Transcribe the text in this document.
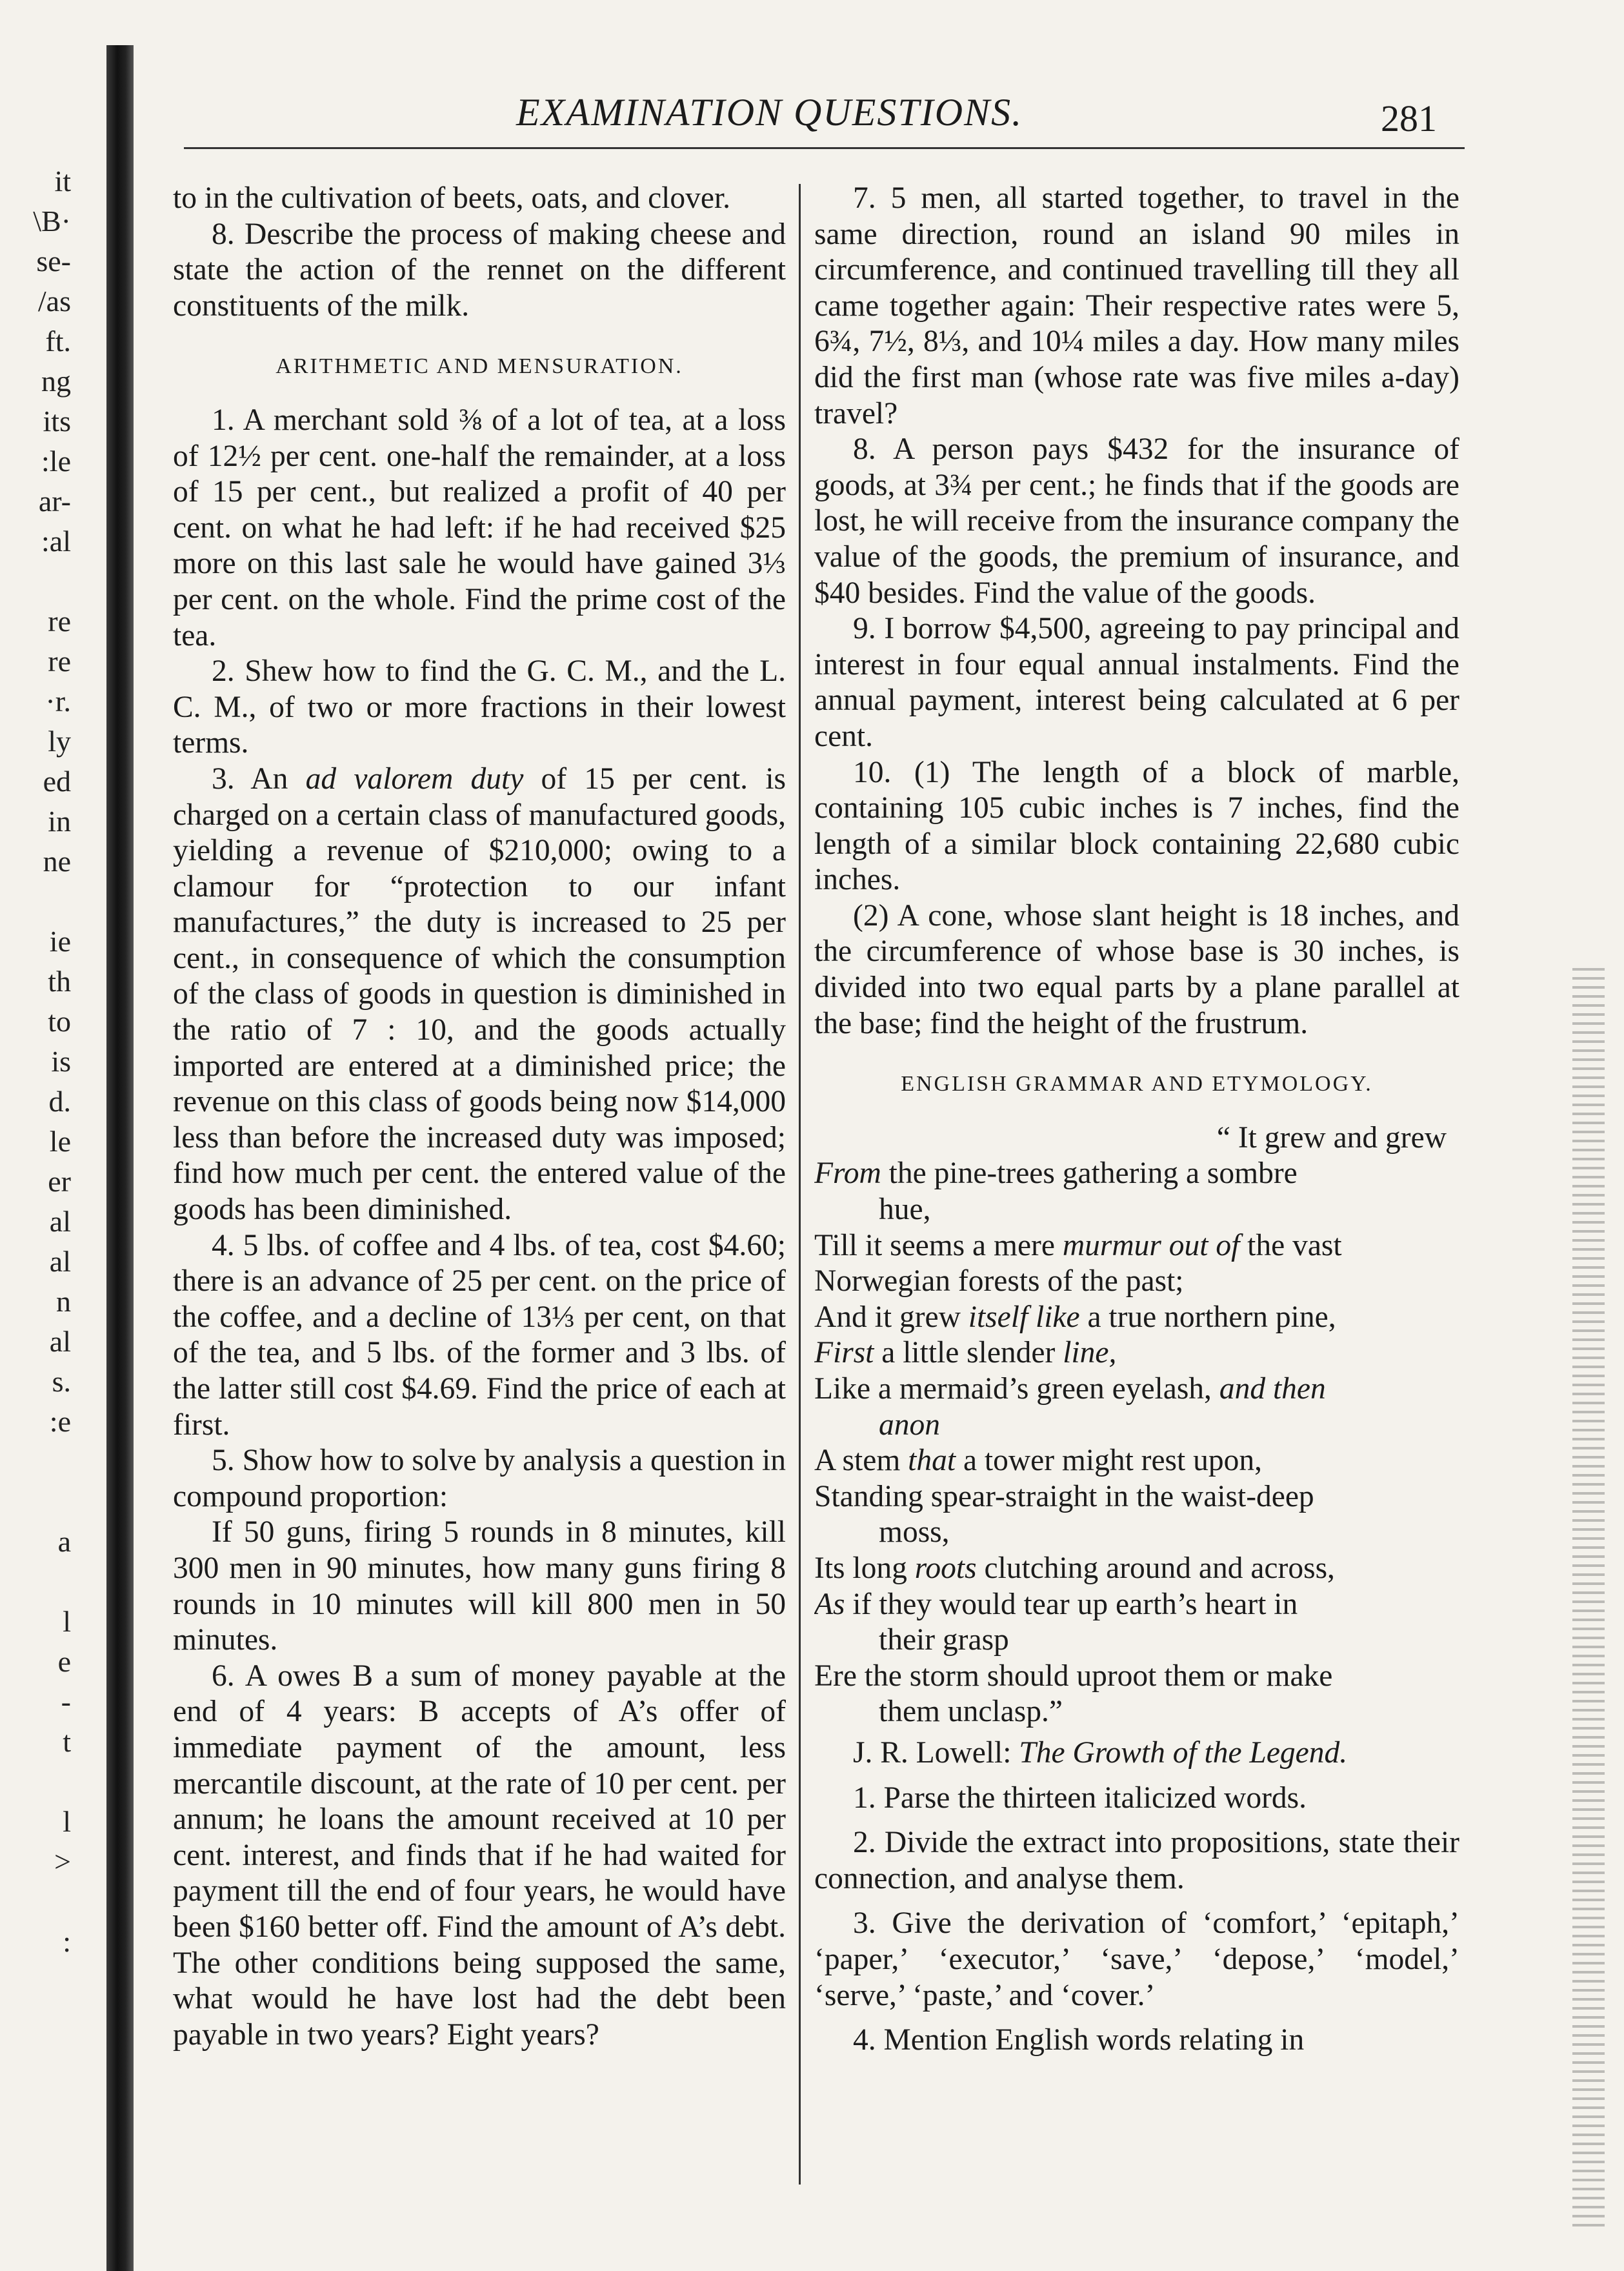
it
\B·
se-
/as
ft.
ng
its
:le
ar-
:al

re
re
·r.
ly
ed
in
ne

ie
th
to
is
d.
le
er
al
al
n
al
s.
:e

a

l
e
-
t

l
>

:
EXAMINATION QUESTIONS.	281

to in the cultivation of beets, oats, and clover.

8. Describe the process of making cheese and state the action of the rennet on the different constituents of the milk.

ARITHMETIC AND MENSURATION.

1. A merchant sold ⅜ of a lot of tea, at a loss of 12½ per cent. one-half the remainder, at a loss of 15 per cent., but realized a profit of 40 per cent. on what he had left: if he had received $25 more on this last sale he would have gained 3⅓ per cent. on the whole. Find the prime cost of the tea.

2. Shew how to find the G. C. M., and the L. C. M., of two or more fractions in their lowest terms.

3. An ad valorem duty of 15 per cent. is charged on a certain class of manufactured goods, yielding a revenue of $210,000; owing to a clamour for “protection to our infant manufactures,” the duty is increased to 25 per cent., in consequence of which the consumption of the class of goods in question is diminished in the ratio of 7 : 10, and the goods actually imported are entered at a diminished price; the revenue on this class of goods being now $14,000 less than before the increased duty was imposed; find how much per cent. the entered value of the goods has been diminished.

4. 5 lbs. of coffee and 4 lbs. of tea, cost $4.60; there is an advance of 25 per cent. on the price of the coffee, and a decline of 13⅓ per cent, on that of the tea, and 5 lbs. of the former and 3 lbs. of the latter still cost $4.69. Find the price of each at first.

5. Show how to solve by analysis a question in compound proportion:

If 50 guns, firing 5 rounds in 8 minutes, kill 300 men in 90 minutes, how many guns firing 8 rounds in 10 minutes will kill 800 men in 50 minutes.

6. A owes B a sum of money payable at the end of 4 years: B accepts of A’s offer of immediate payment of the amount, less mercantile discount, at the rate of 10 per cent. per annum; he loans the amount received at 10 per cent. interest, and finds that if he had waited for payment till the end of four years, he would have been $160 better off. Find the amount of A’s debt. The other conditions being supposed the same, what would he have lost had the debt been payable in two years? Eight years?

7. 5 men, all started together, to travel in the same direction, round an island 90 miles in circumference, and continued travelling till they all came together again: Their respective rates were 5, 6¾, 7½, 8⅓, and 10¼ miles a day. How many miles did the first man (whose rate was five miles a-day) travel?

8. A person pays $432 for the insurance of goods, at 3¾ per cent.; he finds that if the goods are lost, he will receive from the insurance company the value of the goods, the premium of insurance, and $40 besides. Find the value of the goods.

9. I borrow $4,500, agreeing to pay principal and interest in four equal annual instalments. Find the annual payment, interest being calculated at 6 per cent.

10. (1) The length of a block of marble, containing 105 cubic inches is 7 inches, find the length of a similar block containing 22,680 cubic inches.

(2) A cone, whose slant height is 18 inches, and the circumference of whose base is 30 inches, is divided into two equal parts by a plane parallel at the base; find the height of the frustrum.

ENGLISH GRAMMAR AND ETYMOLOGY.
“ It grew and grew
From the pine-trees gathering a sombre
hue,
Till it seems a mere murmur out of the vast
Norwegian forests of the past;
And it grew itself like a true northern pine,
First a little slender line,
Like a mermaid’s green eyelash, and then
anon
A stem that a tower might rest upon,
Standing spear-straight in the waist-deep
moss,
Its long roots clutching around and across,
As if they would tear up earth’s heart in
their grasp
Ere the storm should uproot them or make
them unclasp.”

J. R. Lowell: The Growth of the Legend.

1. Parse the thirteen italicized words.

2. Divide the extract into propositions, state their connection, and analyse them.

3. Give the derivation of ‘comfort,’ ‘epitaph,’ ‘paper,’ ‘executor,’ ‘save,’ ‘depose,’ ‘model,’ ‘serve,’ ‘paste,’ and ‘cover.’

4. Mention English words relating in
